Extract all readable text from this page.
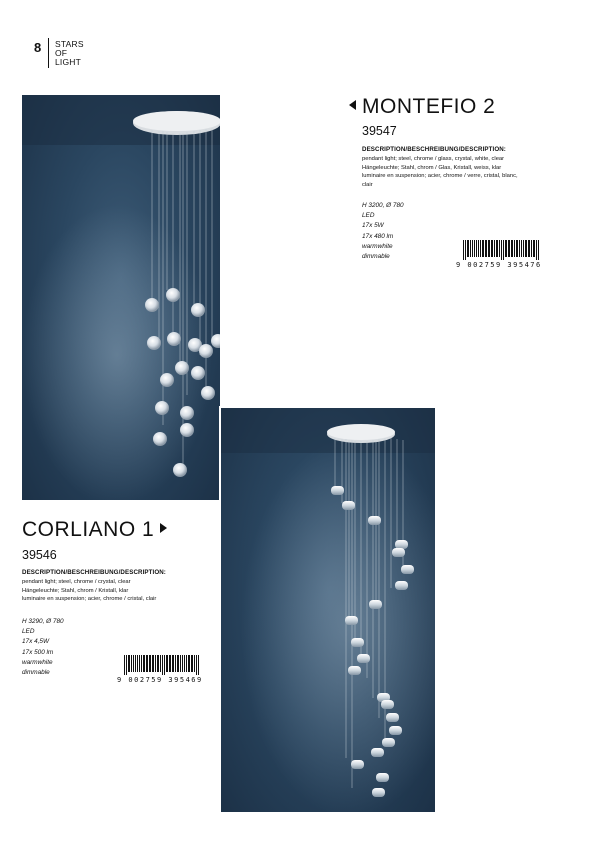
8 STARS
OF
LIGHT
MONTEFIO 2
39547
DESCRIPTION/BESCHREIBUNG/DESCRIPTION:
pendant light; steel, chrome / glass, crystal, white, clear
Hängeleuchte; Stahl, chrom / Glas, Kristall, weiss, klar
luminaire en suspension; acier, chrome / verre, cristal, blanc,
clair
H 3200, Ø 780
LED
17x 5W
17x 480 lm
warmwhite
dimmable
9 002759 395476
CORLIANO 1
39546
DESCRIPTION/BESCHREIBUNG/DESCRIPTION:
pendant light; steel, chrome / crystal, clear
Hängeleuchte; Stahl, chrom / Kristall, klar
luminaire en suspension; acier, chrome / cristal, clair
H 3290, Ø 780
LED
17x 4,5W
17x 500 lm
warmwhite
dimmable
9 002759 395469
